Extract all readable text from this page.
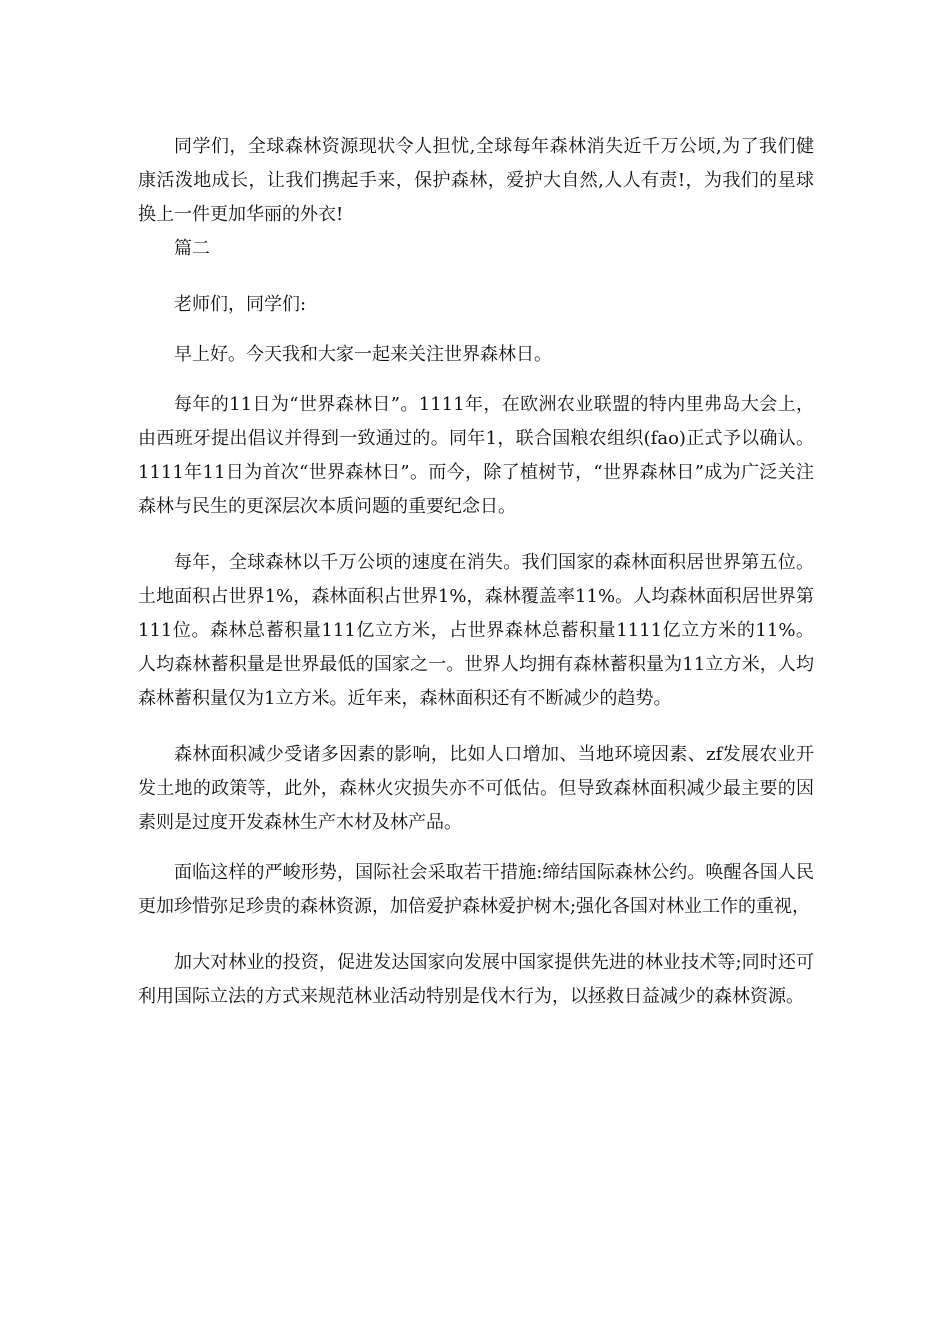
同学们，全球森林资源现状令人担忧,全球每年森林消失近千万公顷,为了我们健康活泼地成长，让我们携起手来，保护森林，爱护大自然,人人有责!，为我们的星球换上一件更加华丽的外衣!

篇二

老师们，同学们:

早上好。今天我和大家一起来关注世界森林日。

每年的11日为“世界森林日”。1111年，在欧洲农业联盟的特内里弗岛大会上，由西班牙提出倡议并得到一致通过的。同年1，联合国粮农组织(fao)正式予以确认。1111年11日为首次“世界森林日”。而今，除了植树节，“世界森林日”成为广泛关注森林与民生的更深层次本质问题的重要纪念日。

每年，全球森林以千万公顷的速度在消失。我们国家的森林面积居世界第五位。土地面积占世界1%，森林面积占世界1%，森林覆盖率11%。人均森林面积居世界第111位。森林总蓄积量111亿立方米，占世界森林总蓄积量1111亿立方米的11%。人均森林蓄积量是世界最低的国家之一。世界人均拥有森林蓄积量为11立方米，人均森林蓄积量仅为1立方米。近年来，森林面积还有不断减少的趋势。

森林面积减少受诸多因素的影响，比如人口增加、当地环境因素、zf发展农业开发土地的政策等，此外，森林火灾损失亦不可低估。但导致森林面积减少最主要的因素则是过度开发森林生产木材及林产品。

面临这样的严峻形势，国际社会采取若干措施:缔结国际森林公约。唤醒各国人民更加珍惜弥足珍贵的森林资源，加倍爱护森林爱护树木;强化各国对林业工作的重视，

加大对林业的投资，促进发达国家向发展中国家提供先进的林业技术等;同时还可利用国际立法的方式来规范林业活动特别是伐木行为，以拯救日益减少的森林资源。
